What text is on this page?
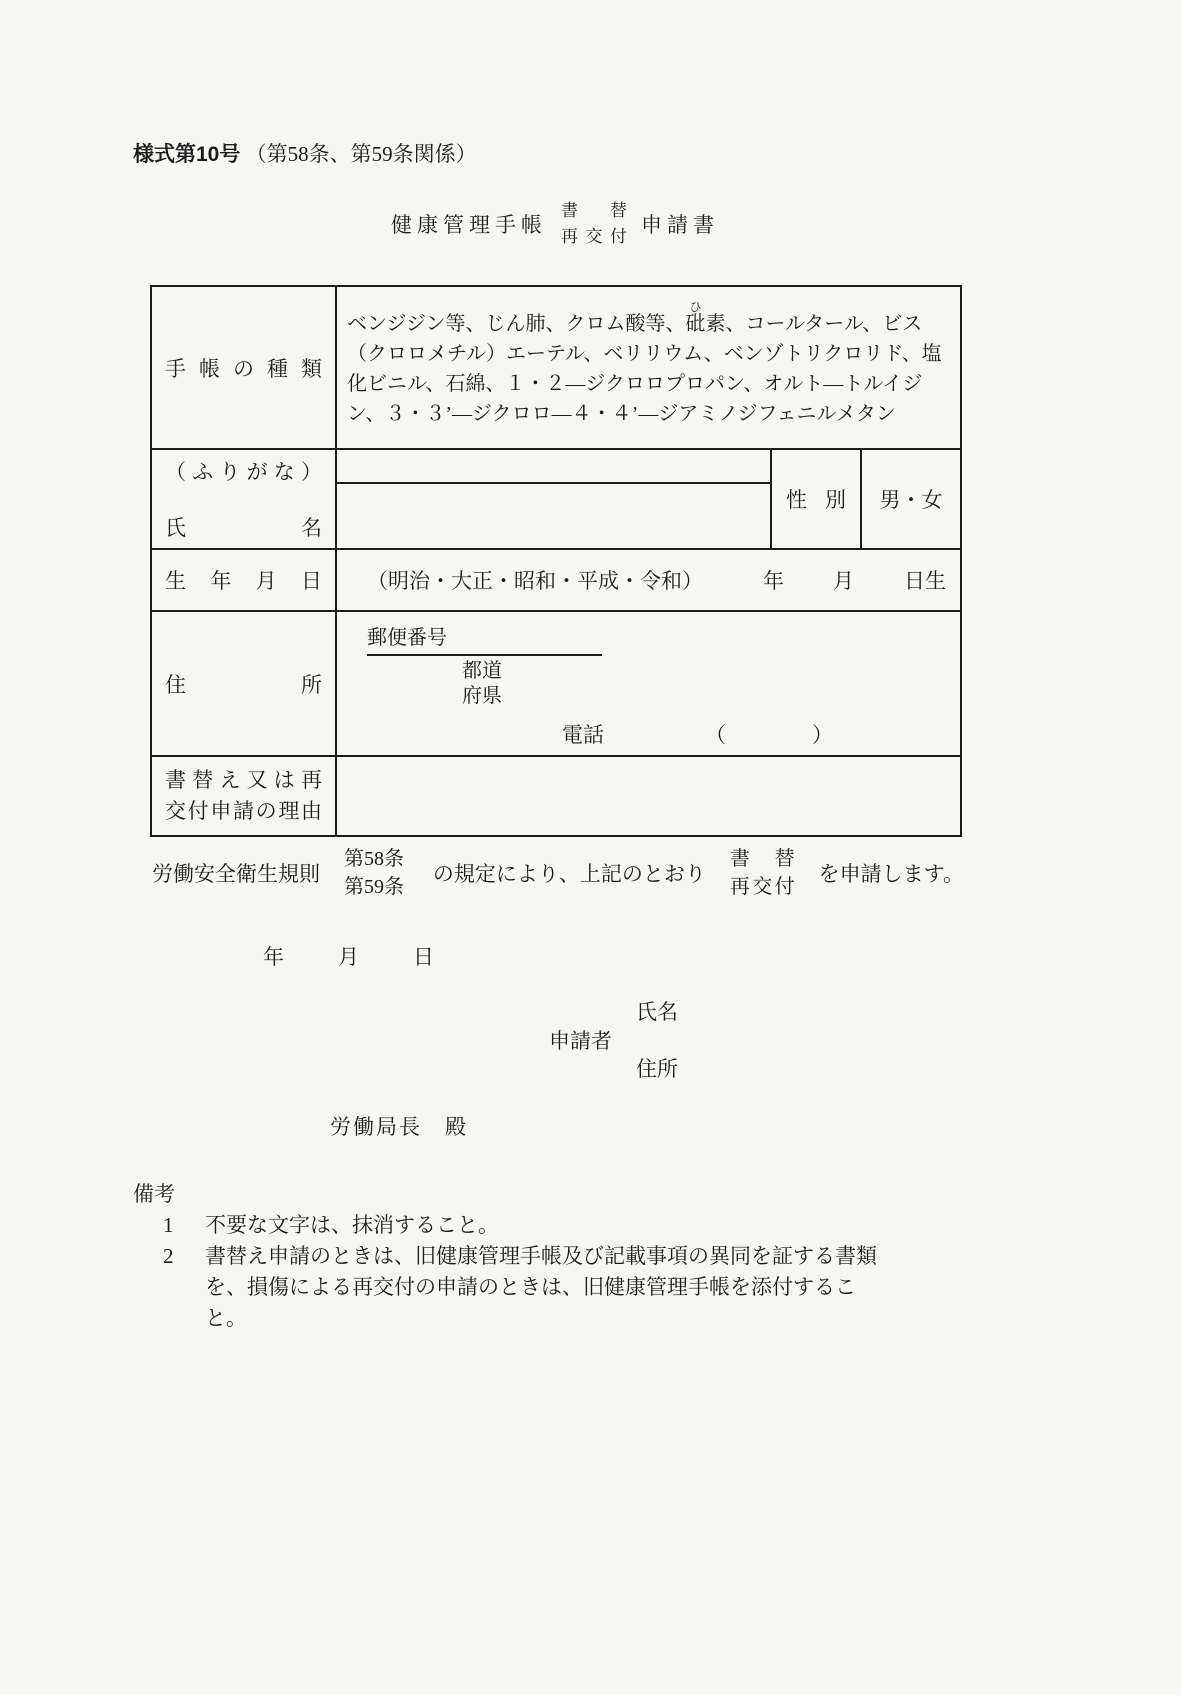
様式第10号 （第58条、第59条関係）
健康管理手帳
書替
再交付 申請書
手帳の種類	ベンジジン等、じん肺、クロム酸等、砒ひ素、コールタール、ビス（クロロメチル）エーテル、ベリリウム、ベンゾトリクロリド、塩化ビニル、石綿、１・２―ジクロロプロパン、オルト―トルイジン、３・３’―ジクロロ―４・４’―ジアミノジフェニルメタン		

（ふりがな）
氏名		性別	男・女

生年月日	（明治・大正・昭和・平成・令和） 年 月 日生		

住所

郵便番号
都道
府県
電話	（	）

書替え又は再
交付申請の理由			

労働安全衛生規則
第58条
第59条
の規定により、上記のとおり
書替
再交付
を申請します。
年　　月　　日
申請者
氏名
住所
労働局長　殿
備考
1	不要な文字は、抹消すること。
2	書替え申請のときは、旧健康管理手帳及び記載事項の異同を証する書類を、損傷による再交付の申請のときは、旧健康管理手帳を添付すること。
